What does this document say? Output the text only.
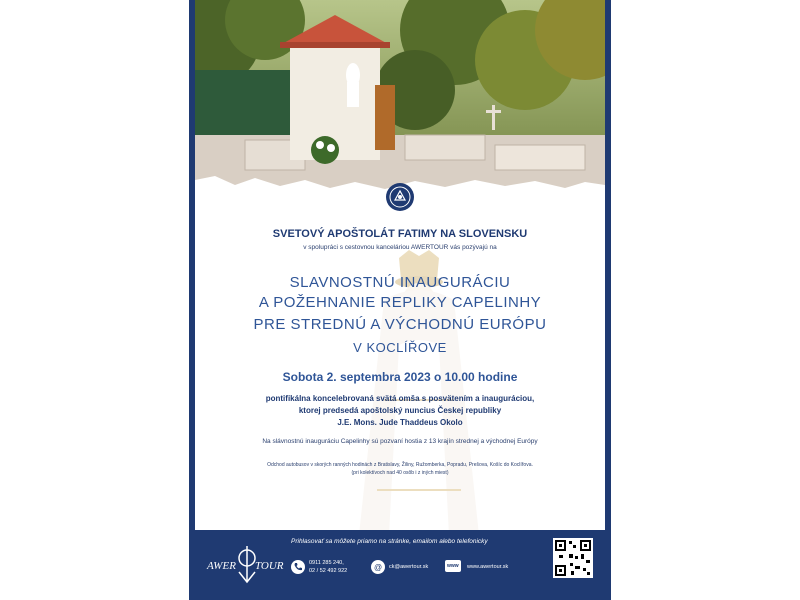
SVETOVÝ APOŠTOLÁT FATIMY NA SLOVENSKU
v spolupráci s cestovnou kanceláriou AWERTOUR vás pozývajú na
SLAVNOSTNÚ INAUGURÁCIU
A POŽEHNANIE REPLIKY CAPELINHY
PRE STREDNÚ A VÝCHODNÚ EURÓPU
V KOCLÍŘOVE
Sobota 2. septembra 2023 o 10.00 hodine
pontifikálna koncelebrovaná svätá omša s posvätením a inauguráciou,
ktorej predsedá apoštolský nuncius Českej republiky
J.E. Mons. Jude Thaddeus Okolo
Na slávnostnú inauguráciu Capelinhy sú pozvaní hostia z 13 krajín strednej a východnej Európy
Odchod autobusov v skorých ranných hodinách z Bratislavy, Žiliny, Ružomberka, Popradu, Prešova, Košíc do Koclířova.
(pri kolektívoch nad 40 osôb i z iných miest)
AWER TOUR
Prihlasovať sa môžete priamo na stránke, emailom alebo telefonicky
0911 285 240,
02 / 52 492 922	@ ck@awertour.sk	www www.awertour.sk
